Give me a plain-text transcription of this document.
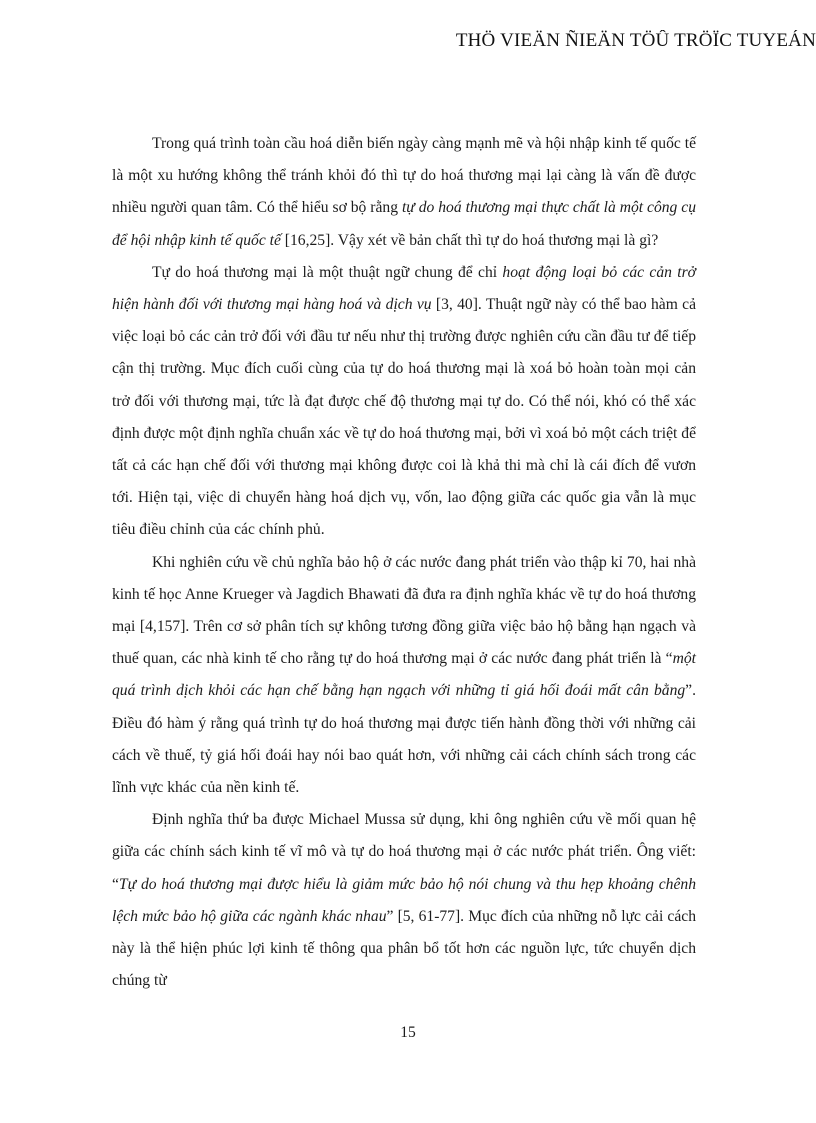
THÖ VIEÄN ÑIEÄN TÖÛ TRÖÏC TUYEÁN

Trong quá trình toàn cầu hoá diễn biến ngày càng mạnh mẽ và hội nhập kinh tế quốc tế là một xu hướng không thể tránh khỏi đó thì tự do hoá thương mại lại càng là vấn đề được nhiều người quan tâm. Có thể hiểu sơ bộ rằng tự do hoá thương mại thực chất là một công cụ để hội nhập kinh tế quốc tế [16,25]. Vậy xét về bản chất thì tự do hoá thương mại là gì?

Tự do hoá thương mại là một thuật ngữ chung để chỉ hoạt động loại bỏ các cản trở hiện hành đối với thương mại hàng hoá và dịch vụ [3, 40]. Thuật ngữ này có thể bao hàm cả việc loại bỏ các cản trở đối với đầu tư nếu như thị trường được nghiên cứu cần đầu tư để tiếp cận thị trường. Mục đích cuối cùng của tự do hoá thương mại là xoá bỏ hoàn toàn mọi cản trở đối với thương mại, tức là đạt được chế độ thương mại tự do. Có thể nói, khó có thể xác định được một định nghĩa chuẩn xác về tự do hoá thương mại, bởi vì xoá bỏ một cách triệt để tất cả các hạn chế đối với thương mại không được coi là khả thi mà chỉ là cái đích để vươn tới. Hiện tại, việc di chuyển hàng hoá dịch vụ, vốn, lao động giữa các quốc gia vẫn là mục tiêu điều chỉnh của các chính phủ.

Khi nghiên cứu về chủ nghĩa bảo hộ ở các nước đang phát triển vào thập kỉ 70, hai nhà kinh tế học Anne Krueger và Jagdich Bhawati đã đưa ra định nghĩa khác về tự do hoá thương mại [4,157]. Trên cơ sở phân tích sự không tương đồng giữa việc bảo hộ bằng hạn ngạch và thuế quan, các nhà kinh tế cho rằng tự do hoá thương mại ở các nước đang phát triển là “một quá trình dịch khỏi các hạn chế bằng hạn ngạch với những tỉ giá hối đoái mất cân bằng”. Điều đó hàm ý rằng quá trình tự do hoá thương mại được tiến hành đồng thời với những cải cách về thuế, tỷ giá hối đoái hay nói bao quát hơn, với những cải cách chính sách trong các lĩnh vực khác của nền kinh tế.

Định nghĩa thứ ba được Michael Mussa sử dụng, khi ông nghiên cứu về mối quan hệ giữa các chính sách kinh tế vĩ mô và tự do hoá thương mại ở các nước phát triển. Ông viết: “Tự do hoá thương mại được hiểu là giảm mức bảo hộ nói chung và thu hẹp khoảng chênh lệch mức bảo hộ giữa các ngành khác nhau” [5, 61-77]. Mục đích của những nỗ lực cải cách này là thể hiện phúc lợi kinh tế thông qua phân bổ tốt hơn các nguồn lực, tức chuyển dịch chúng từ

15
